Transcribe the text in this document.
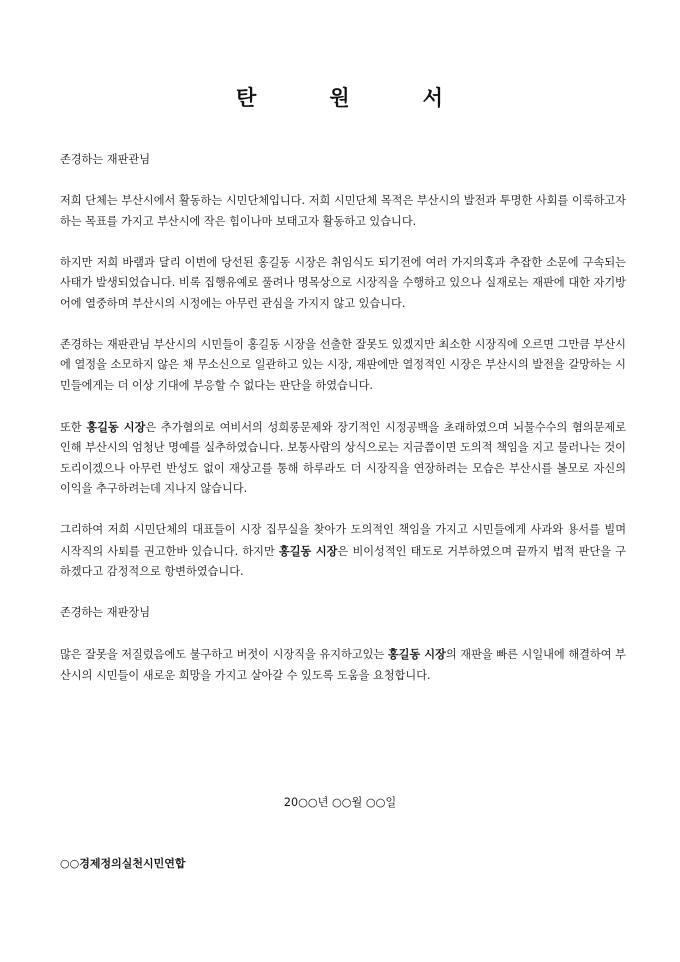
탄	원	서

존경하는 재판관님

저희 단체는 부산시에서 활동하는 시민단체입니다. 저희 시민단체 목적은 부산시의 발전과 투명한 사회를 이룩하고자 하는 목표를 가지고 부산시에 작은 힘이나마 보태고자 활동하고 있습니다.

하지만 저희 바램과 달리 이번에 당선된 홍길동 시장은 취임식도 되기전에 여러 가지의혹과 추잡한 소문에 구속되는 사태가 발생되었습니다. 비록 집행유예로 풀려나 명목상으로 시장직을 수행하고 있으나 실재로는 재판에 대한 자기방어에 열중하며 부산시의 시정에는 아무런 관심을 가지지 않고 있습니다.

존경하는 재판관님 부산시의 시민들이 홍길동 시장을 선출한 잘못도 있겠지만 최소한 시장직에 오르면 그만큼 부산시에 열정을 소모하지 않은 채 무소신으로 일관하고 있는 시장, 재판에만 열정적인 시장은 부산시의 발전을 갈망하는 시민들에게는 더 이상 기대에 부응할 수 없다는 판단을 하였습니다.

또한 홍길동 시장은 추가혐의로 여비서의 성희롱문제와 장기적인 시정공백을 초래하였으며 뇌물수수의 혐의문제로 인해 부산시의 엄청난 명예를 실추하였습니다. 보통사람의 상식으로는 지금쯤이면 도의적 책임을 지고 물러나는 것이 도리이겠으나 아무런 반성도 없이 재상고를 통해 하루라도 더 시장직을 연장하려는 모습은 부산시를 볼모로 자신의 이익을 추구하려는데 지나지 않습니다.

그리하여 저희 시민단체의 대표들이 시장 집무실을 찾아가 도의적인 책임을 가지고 시민들에게 사과와 용서를 빌며 시작직의 사퇴를 권고한바 있습니다. 하지만 홍길동 시장은 비이성적인 태도로 거부하였으며 끝까지 법적 판단을 구하겠다고 감정적으로 항변하였습니다.

존경하는 재판장님

많은 잘못을 저질렀음에도 불구하고 버젓이 시장직을 유지하고있는 홍길동 시장의 재판을 빠른 시일내에 해결하여 부산시의 시민들이 새로운 희망을 가지고 살아갈 수 있도록 도움을 요청합니다.

20○○년 ○○월 ○○일
○○경제정의실천시민연합
